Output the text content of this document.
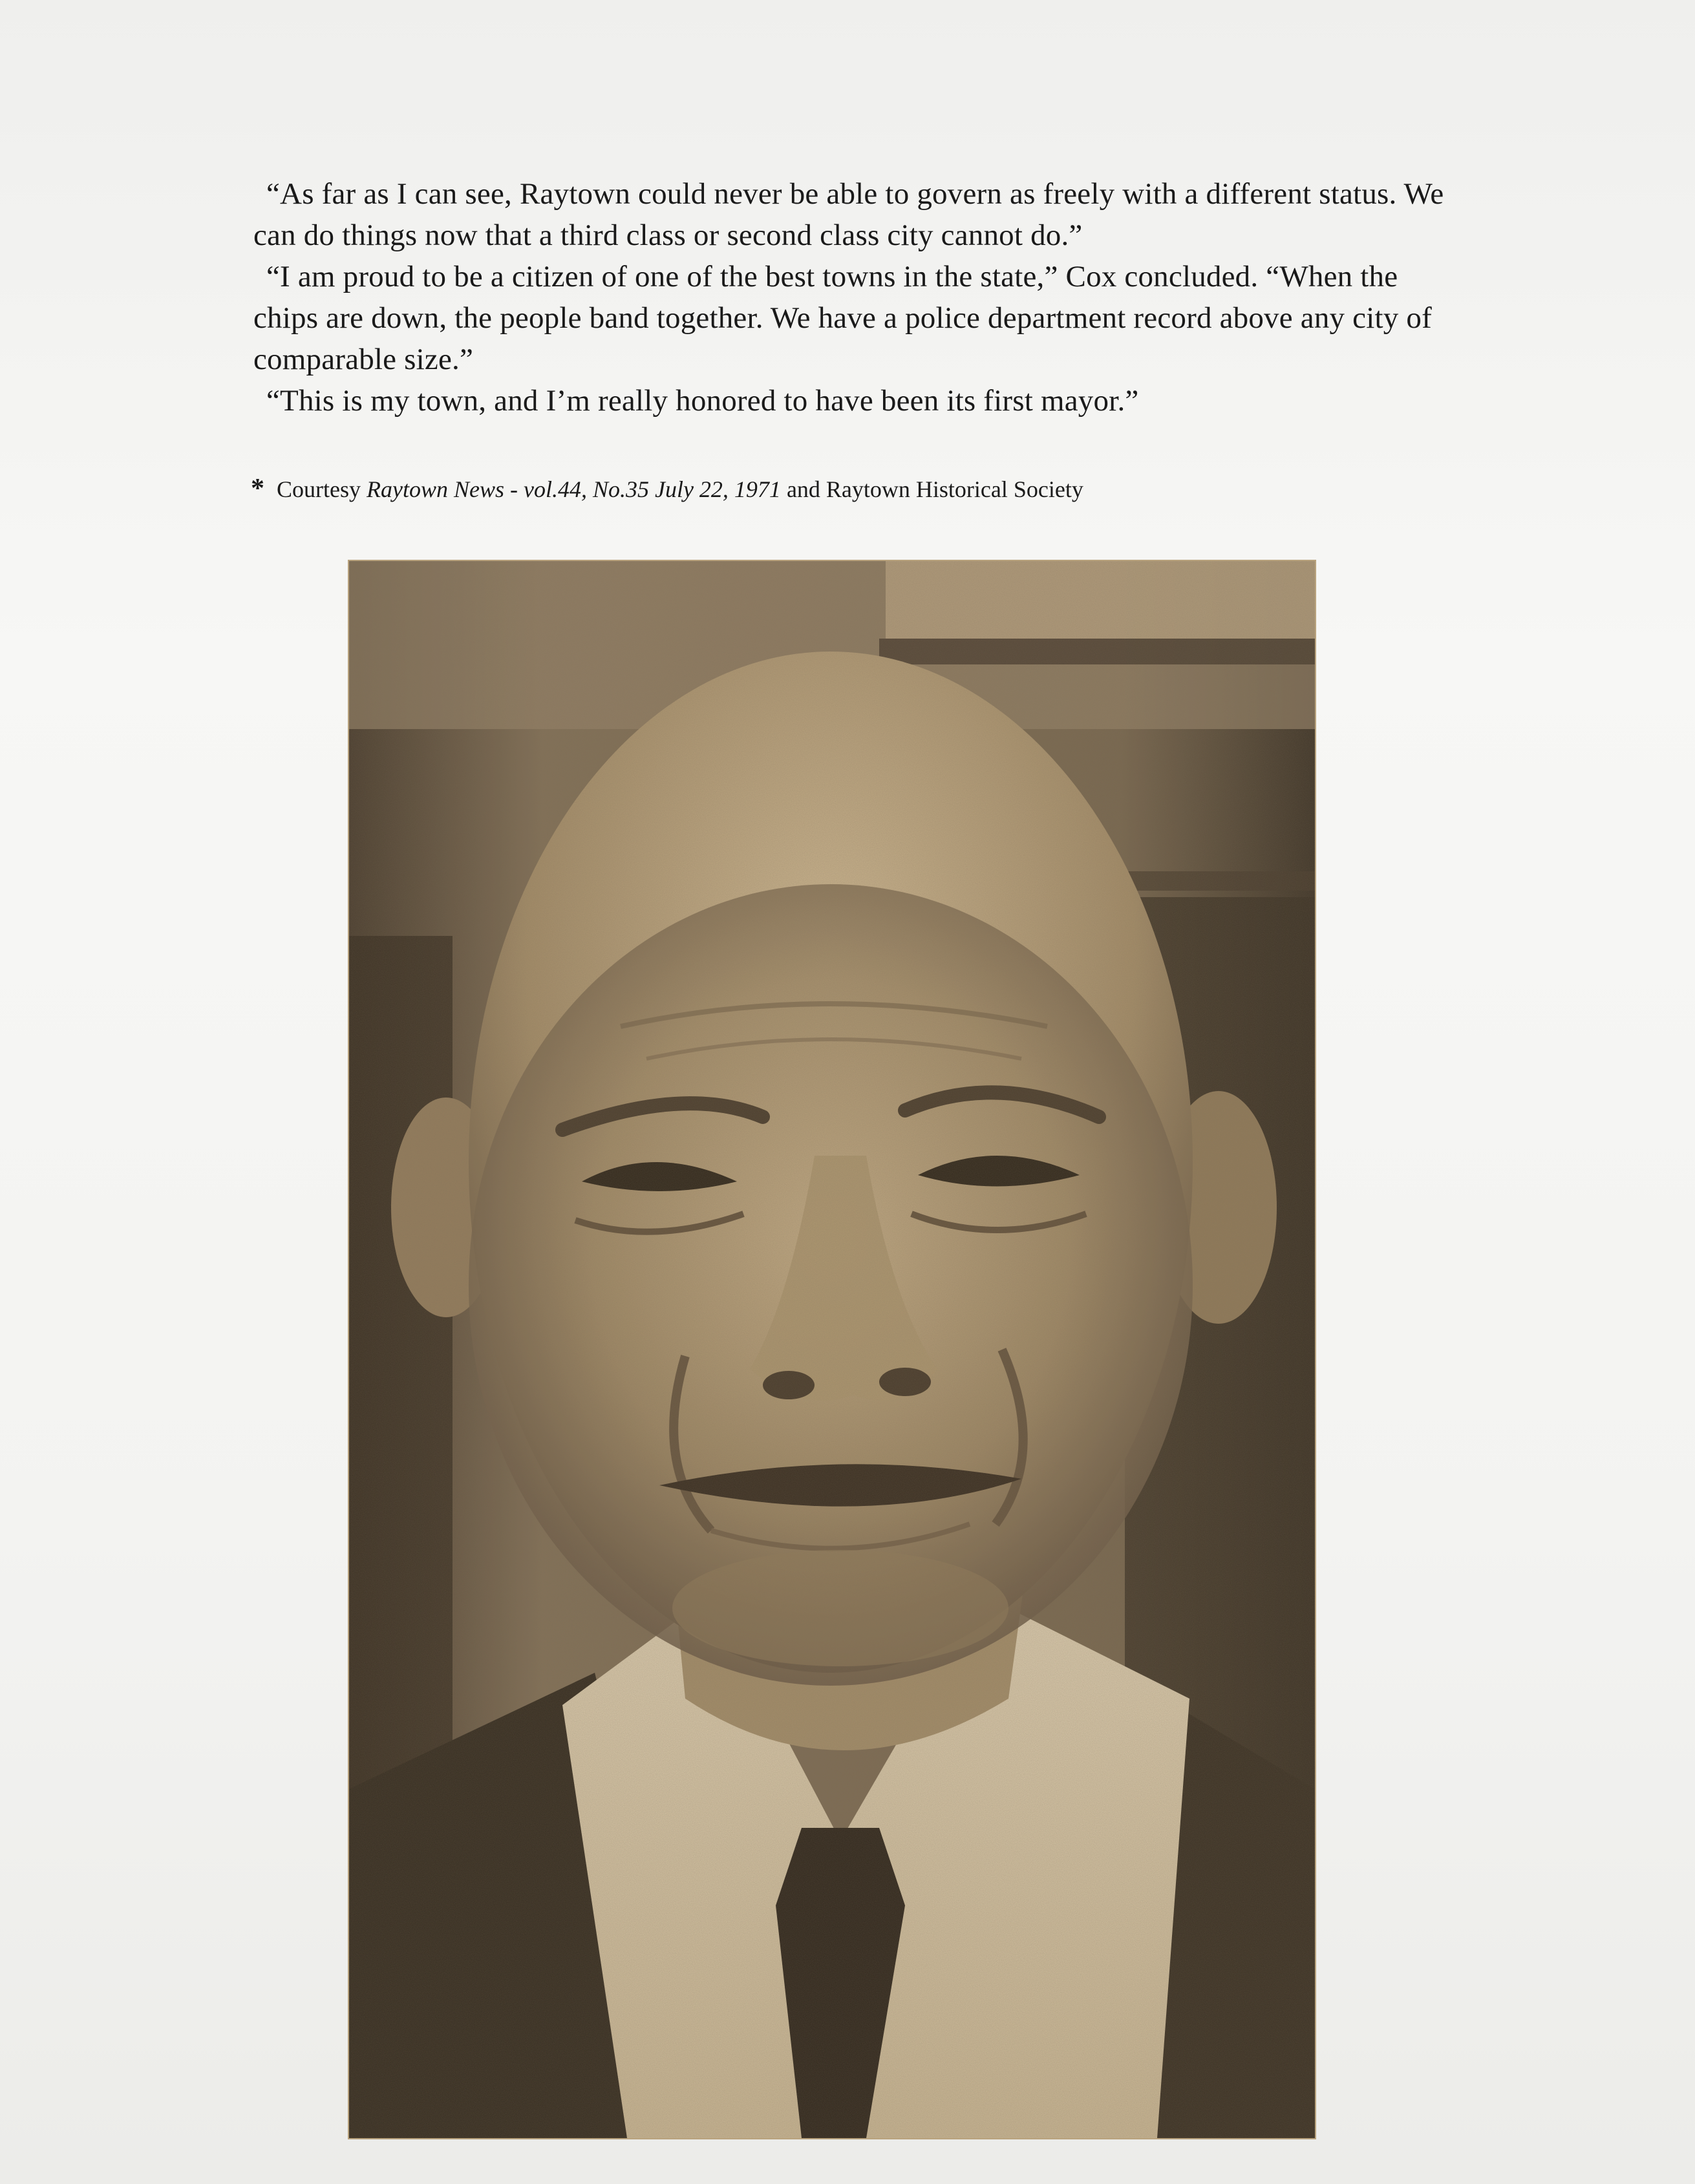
“As far as I can see, Raytown could never be able to govern as freely with a different status. We can do things now that a third class or second class city cannot do.”

“I am proud to be a citizen of one of the best towns in the state,” Cox concluded. “When the chips are down, the people band together. We have a police department record above any city of comparable size.”

“This is my town, and I’m really honored to have been its first mayor.”

* Courtesy Raytown News - vol.44, No.35 July 22, 1971 and Raytown Historical Society
